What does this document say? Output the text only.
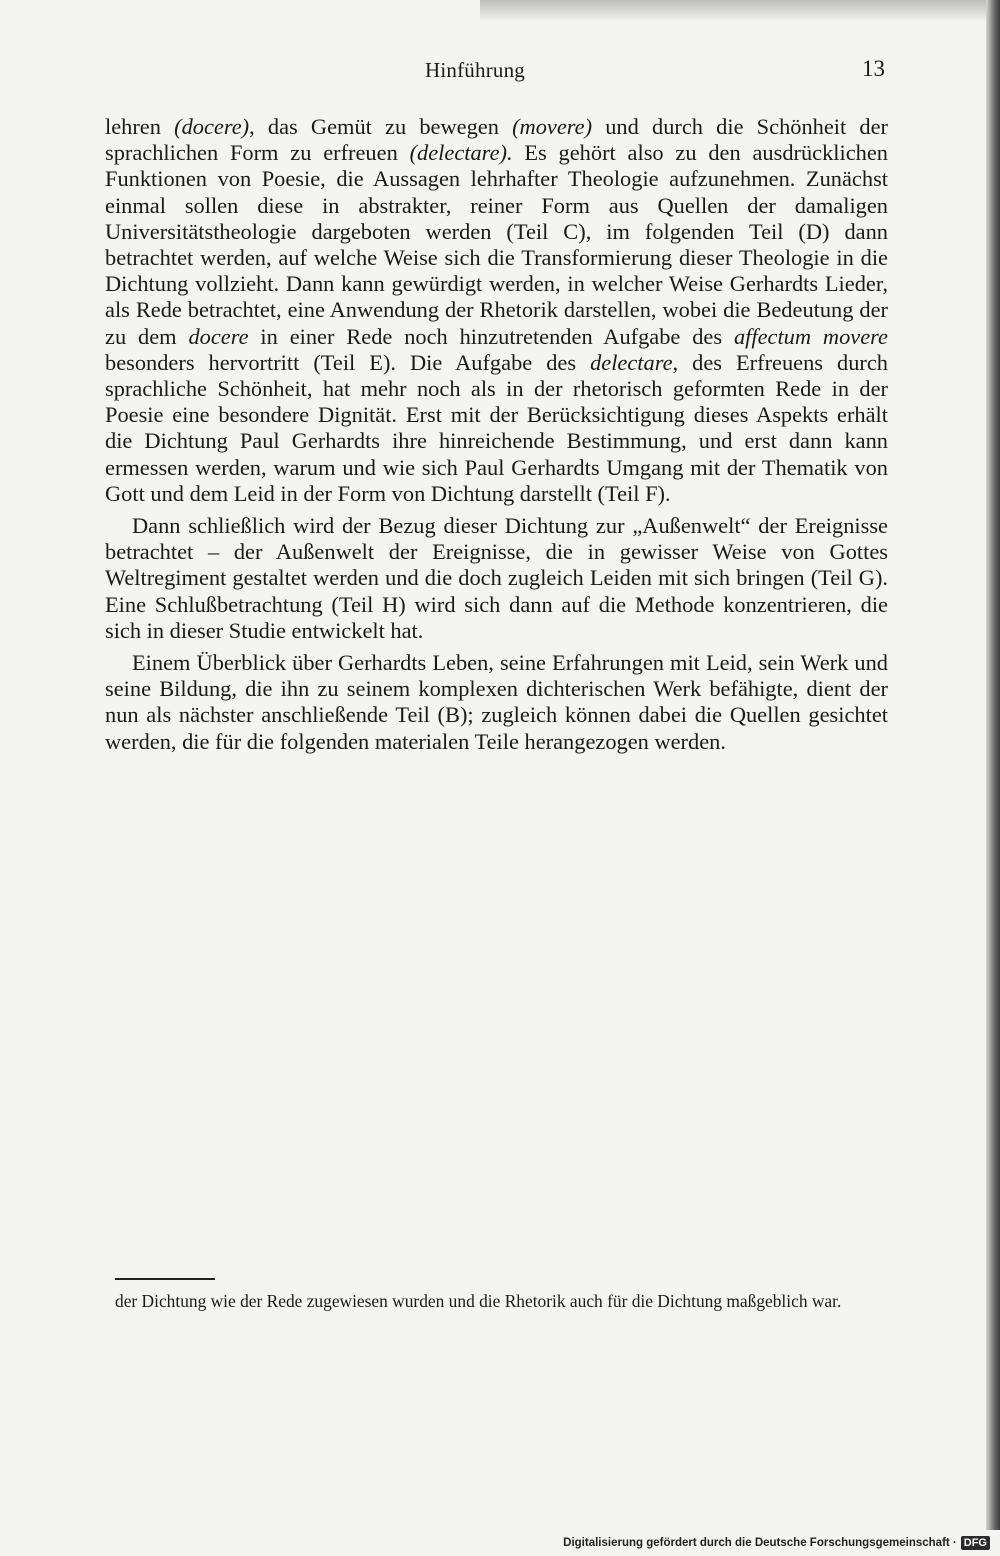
Hinführung	13

lehren (docere), das Gemüt zu bewegen (movere) und durch die Schönheit der sprachlichen Form zu erfreuen (delectare). Es gehört also zu den ausdrücklichen Funktionen von Poesie, die Aussagen lehrhafter Theologie aufzunehmen. Zunächst einmal sollen diese in abstrakter, reiner Form aus Quellen der damaligen Universitätstheologie dargeboten werden (Teil C), im folgenden Teil (D) dann betrachtet werden, auf welche Weise sich die Transformierung dieser Theologie in die Dichtung vollzieht. Dann kann gewürdigt werden, in welcher Weise Gerhardts Lieder, als Rede betrachtet, eine Anwendung der Rhetorik darstellen, wobei die Bedeutung der zu dem docere in einer Rede noch hinzutretenden Aufgabe des affectum movere besonders hervortritt (Teil E). Die Aufgabe des delectare, des Erfreuens durch sprachliche Schönheit, hat mehr noch als in der rhetorisch geformten Rede in der Poesie eine besondere Dignität. Erst mit der Berücksichtigung dieses Aspekts erhält die Dichtung Paul Gerhardts ihre hinreichende Bestimmung, und erst dann kann ermessen werden, warum und wie sich Paul Gerhardts Umgang mit der Thematik von Gott und dem Leid in der Form von Dichtung darstellt (Teil F).

Dann schließlich wird der Bezug dieser Dichtung zur „Außenwelt“ der Ereignisse betrachtet – der Außenwelt der Ereignisse, die in gewisser Weise von Gottes Weltregiment gestaltet werden und die doch zugleich Leiden mit sich bringen (Teil G). Eine Schlußbetrachtung (Teil H) wird sich dann auf die Methode konzentrieren, die sich in dieser Studie entwickelt hat.

Einem Überblick über Gerhardts Leben, seine Erfahrungen mit Leid, sein Werk und seine Bildung, die ihn zu seinem komplexen dichterischen Werk befähigte, dient der nun als nächster anschließende Teil (B); zugleich können dabei die Quellen gesichtet werden, die für die folgenden materialen Teile herangezogen werden.

der Dichtung wie der Rede zugewiesen wurden und die Rhetorik auch für die Dichtung maßgeblich war.
Digitalisierung gefördert durch die Deutsche Forschungsgemeinschaft · DFG
